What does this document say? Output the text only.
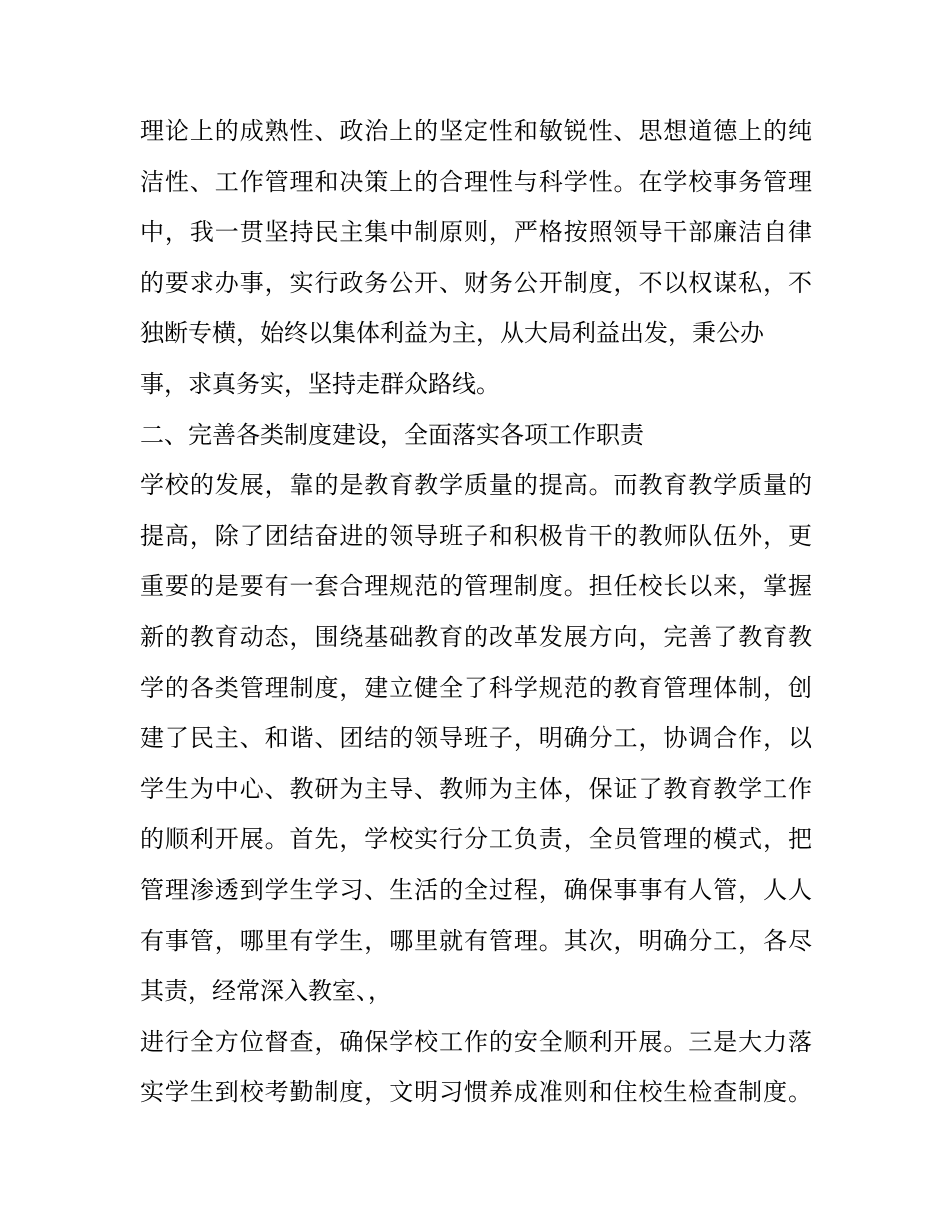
理论上的成熟性、政治上的坚定性和敏锐性、思想道德上的纯
洁性、工作管理和决策上的合理性与科学性。在学校事务管理
中，我一贯坚持民主集中制原则，严格按照领导干部廉洁自律
的要求办事，实行政务公开、财务公开制度，不以权谋私，不
独断专横，始终以集体利益为主，从大局利益出发，秉公办
事，求真务实，坚持走群众路线。
二、完善各类制度建设，全面落实各项工作职责
学校的发展，靠的是教育教学质量的提高。而教育教学质量的
提高，除了团结奋进的领导班子和积极肯干的教师队伍外，更
重要的是要有一套合理规范的管理制度。担任校长以来，掌握
新的教育动态，围绕基础教育的改革发展方向，完善了教育教
学的各类管理制度，建立健全了科学规范的教育管理体制，创
建了民主、和谐、团结的领导班子，明确分工，协调合作，以
学生为中心、教研为主导、教师为主体，保证了教育教学工作
的顺利开展。首先，学校实行分工负责，全员管理的模式，把
管理渗透到学生学习、生活的全过程，确保事事有人管，人人
有事管，哪里有学生，哪里就有管理。其次，明确分工，各尽
其责，经常深入教室、，
进行全方位督查，确保学校工作的安全顺利开展。三是大力落
实学生到校考勤制度，文明习惯养成准则和住校生检查制度。
